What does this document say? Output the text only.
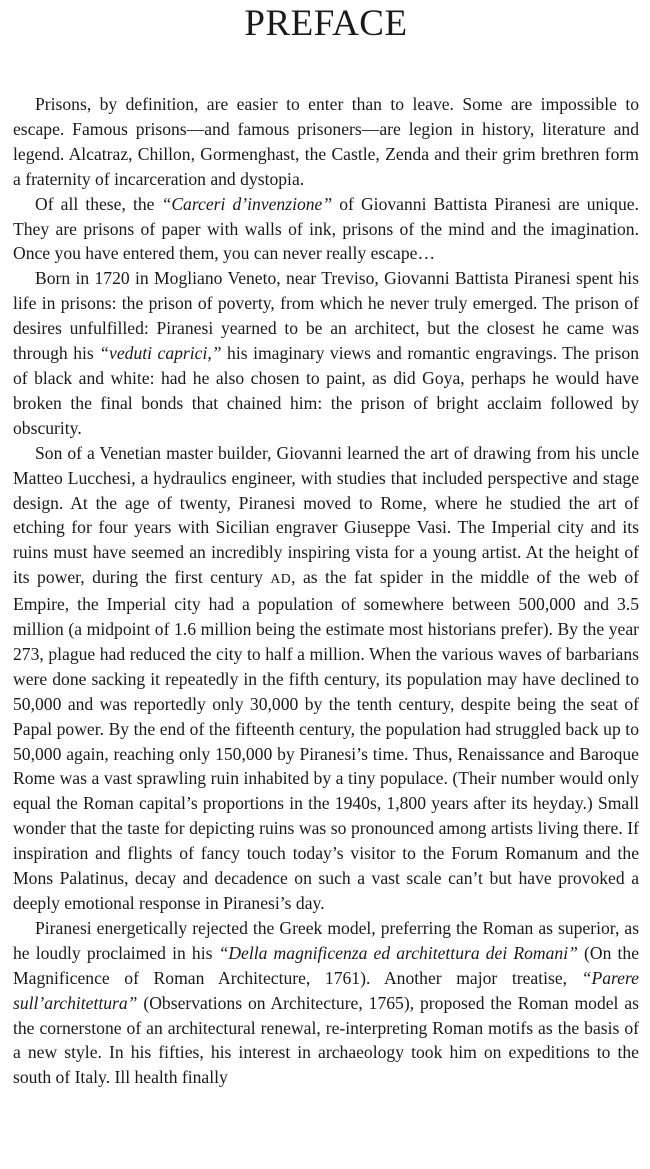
PREFACE

Prisons, by definition, are easier to enter than to leave. Some are impossible to escape. Famous prisons—and famous prisoners—are legion in history, literature and legend. Alcatraz, Chillon, Gormenghast, the Castle, Zenda and their grim brethren form a fraternity of incarceration and dystopia.

Of all these, the “Carceri d’invenzione” of Giovanni Battista Piranesi are unique. They are prisons of paper with walls of ink, prisons of the mind and the imagination. Once you have entered them, you can never really escape…

Born in 1720 in Mogliano Veneto, near Treviso, Giovanni Battista Piranesi spent his life in prisons: the prison of poverty, from which he never truly emerged. The prison of desires unfulfilled: Piranesi yearned to be an architect, but the closest he came was through his “veduti caprici,” his imaginary views and romantic engravings. The prison of black and white: had he also chosen to paint, as did Goya, perhaps he would have broken the final bonds that chained him: the prison of bright acclaim followed by obscurity.

Son of a Venetian master builder, Giovanni learned the art of drawing from his uncle Matteo Lucchesi, a hydraulics engineer, with studies that included perspective and stage design. At the age of twenty, Piranesi moved to Rome, where he studied the art of etching for four years with Sicilian engraver Giuseppe Vasi. The Imperial city and its ruins must have seemed an incredibly inspiring vista for a young artist. At the height of its power, during the first century AD, as the fat spider in the middle of the web of Empire, the Imperial city had a population of somewhere between 500,000 and 3.5 million (a midpoint of 1.6 million being the estimate most historians prefer). By the year 273, plague had reduced the city to half a million. When the various waves of barbarians were done sacking it repeatedly in the fifth century, its population may have declined to 50,000 and was reportedly only 30,000 by the tenth century, despite being the seat of Papal power. By the end of the fifteenth century, the population had struggled back up to 50,000 again, reaching only 150,000 by Piranesi’s time. Thus, Renaissance and Baroque Rome was a vast sprawling ruin inhabited by a tiny populace. (Their number would only equal the Roman capital’s proportions in the 1940s, 1,800 years after its heyday.) Small wonder that the taste for depicting ruins was so pronounced among artists living there. If inspiration and flights of fancy touch today’s visitor to the Forum Romanum and the Mons Palatinus, decay and decadence on such a vast scale can’t but have provoked a deeply emotional response in Piranesi’s day.

Piranesi energetically rejected the Greek model, preferring the Roman as superior, as he loudly proclaimed in his “Della magnificenza ed architettura dei Romani” (On the Magnificence of Roman Architecture, 1761). Another major treatise, “Parere sull’architettura” (Observations on Architecture, 1765), proposed the Roman model as the cornerstone of an architectural renewal, re-interpreting Roman motifs as the basis of a new style. In his fifties, his interest in archaeology took him on expeditions to the south of Italy. Ill health finally
